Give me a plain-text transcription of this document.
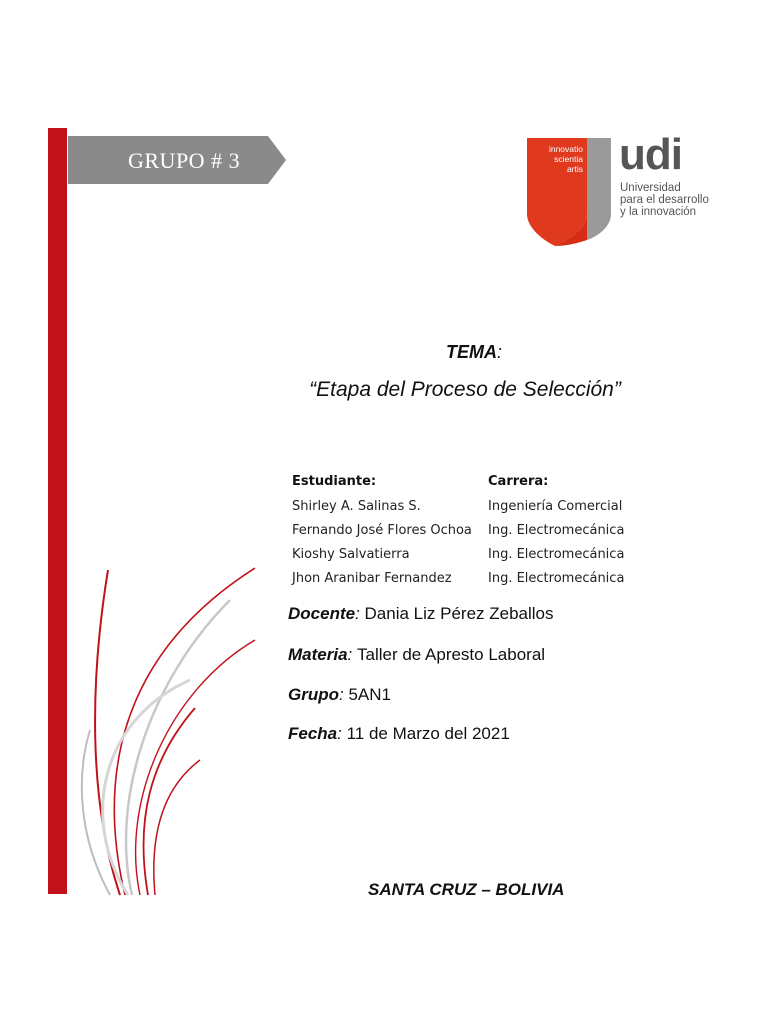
GRUPO # 3	innovatio
scientia
artis udi
Universidad
para el desarrollo
y la innovación
TEMA:
“Etapa del Proceso de Selección”
Estudiante:	Carrera:
Shirley A. Salinas S.	Ingeniería Comercial
Fernando José Flores Ochoa	Ing. Electromecánica
Kioshy Salvatierra	Ing. Electromecánica
Jhon Aranibar Fernandez	Ing. Electromecánica
Docente: Dania Liz Pérez Zeballos
Materia: Taller de Apresto Laboral
Grupo: 5AN1
Fecha: 11 de Marzo del 2021
SANTA CRUZ – BOLIVIA
